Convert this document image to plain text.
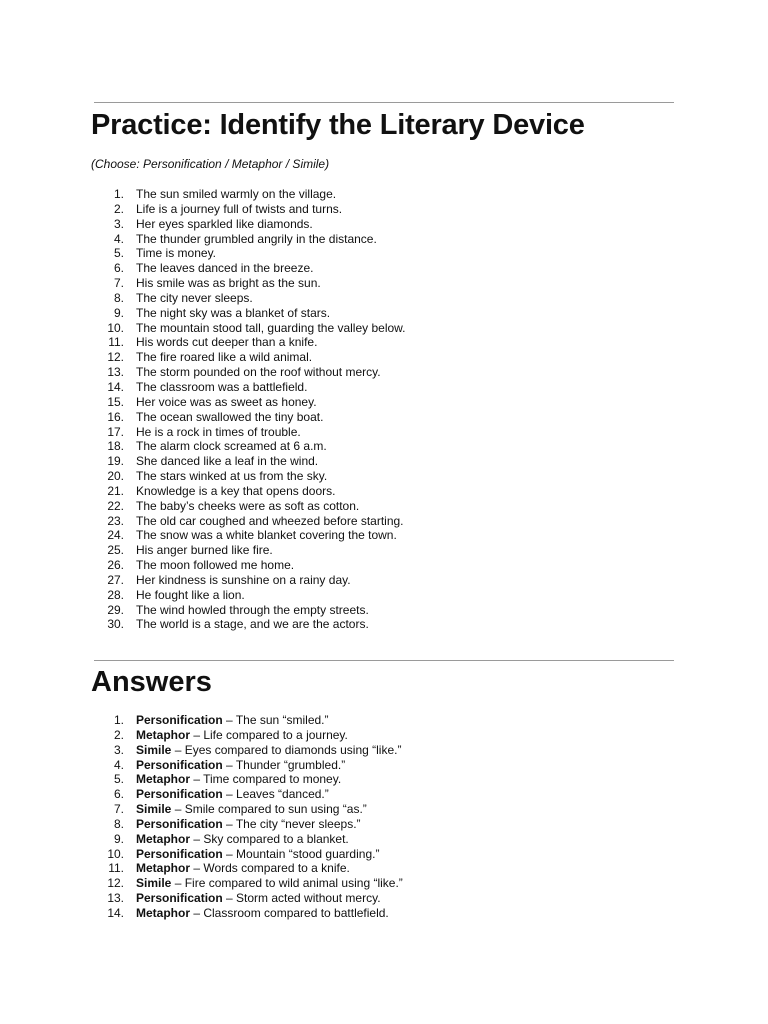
Practice: Identify the Literary Device

(Choose: Personification / Metaphor / Simile)

1. The sun smiled warmly on the village.
2. Life is a journey full of twists and turns.
3. Her eyes sparkled like diamonds.
4. The thunder grumbled angrily in the distance.
5. Time is money.
6. The leaves danced in the breeze.
7. His smile was as bright as the sun.
8. The city never sleeps.
9. The night sky was a blanket of stars.
10. The mountain stood tall, guarding the valley below.
11. His words cut deeper than a knife.
12. The fire roared like a wild animal.
13. The storm pounded on the roof without mercy.
14. The classroom was a battlefield.
15. Her voice was as sweet as honey.
16. The ocean swallowed the tiny boat.
17. He is a rock in times of trouble.
18. The alarm clock screamed at 6 a.m.
19. She danced like a leaf in the wind.
20. The stars winked at us from the sky.
21. Knowledge is a key that opens doors.
22. The baby’s cheeks were as soft as cotton.
23. The old car coughed and wheezed before starting.
24. The snow was a white blanket covering the town.
25. His anger burned like fire.
26. The moon followed me home.
27. Her kindness is sunshine on a rainy day.
28. He fought like a lion.
29. The wind howled through the empty streets.
30. The world is a stage, and we are the actors.
Answers
1. Personification – The sun “smiled.”
2. Metaphor – Life compared to a journey.
3. Simile – Eyes compared to diamonds using “like.”
4. Personification – Thunder “grumbled.”
5. Metaphor – Time compared to money.
6. Personification – Leaves “danced.”
7. Simile – Smile compared to sun using “as.”
8. Personification – The city “never sleeps.”
9. Metaphor – Sky compared to a blanket.
10. Personification – Mountain “stood guarding.”
11. Metaphor – Words compared to a knife.
12. Simile – Fire compared to wild animal using “like.”
13. Personification – Storm acted without mercy.
14. Metaphor – Classroom compared to battlefield.
